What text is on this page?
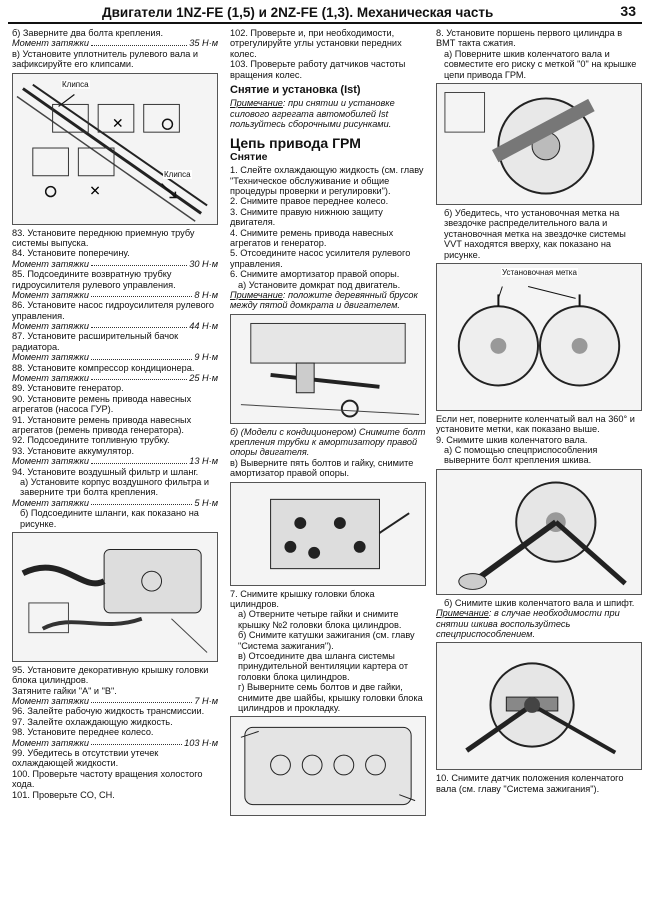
Двигатели 1NZ-FE (1,5) и 2NZ-FE (1,3). Механическая часть	33

б) Заверните два болта крепления.

Момент затяжки	35 Н·м

в) Установите уплотнитель рулевого вала и зафиксируйте его клипсами.

✕
✕
Клипса
Клипса

83. Установите переднюю приемную трубу системы выпуска.

84. Установите поперечину.

Момент затяжки	30 Н·м

85. Подсоедините возвратную трубку гидроусилителя рулевого управления.

Момент затяжки	8 Н·м

86. Установите насос гидроусилителя рулевого управления.

Момент затяжки	44 Н·м

87. Установите расширительный бачок радиатора.

Момент затяжки	9 Н·м

88. Установите компрессор кондиционера.

Момент затяжки	25 Н·м

89. Установите генератор.

90. Установите ремень привода навесных агрегатов (насоса ГУР).

91. Установите ремень привода навесных агрегатов (ремень привода генератора).

92. Подсоедините топливную трубку.

93. Установите аккумулятор.

Момент затяжки	13 Н·м

94. Установите воздушный фильтр и шланг.

а) Установите корпус воздушного фильтра и заверните три болта крепления.

Момент затяжки	5 Н·м

б) Подсоедините шланги, как показано на рисунке.

95. Установите декоративную крышку головки блока цилиндров.

Затяните гайки "А" и "В".

Момент затяжки	7 Н·м

96. Залейте рабочую жидкость трансмиссии.

97. Залейте охлаждающую жидкость.

98. Установите переднее колесо.

Момент затяжки	103 Н·м

99. Убедитесь в отсутствии утечек охлаждающей жидкости.

100. Проверьте частоту вращения холостого хода.

101. Проверьте CO, CH.

102. Проверьте и, при необходимости, отрегулируйте углы установки передних колес.

103. Проверьте работу датчиков частоты вращения колес.

Снятие и установка (Ist)

Примечание: при снятии и установке силового агрегата автомобилей Ist пользуйтесь сборочными рисунками.

Цепь привода ГРМ
Снятие

1. Слейте охлаждающую жидкость (см. главу "Техническое обслуживание и общие процедуры проверки и регулировки").

2. Снимите правое переднее колесо.

3. Снимите правую нижнюю защиту двигателя.

4. Снимите ремень привода навесных агрегатов и генератор.

5. Отсоедините насос усилителя рулевого управления.

6. Снимите амортизатор правой опоры.

а) Установите домкрат под двигатель.

Примечание: положите деревянный брусок между пятой домкрата и двигателем.

б) (Модели с кондиционером) Снимите болт крепления трубки к амортизатору правой опоры двигателя.

в) Выверните пять болтов и гайку, снимите амортизатор правой опоры.

7. Снимите крышку головки блока цилиндров.

а) Отверните четыре гайки и снимите крышку №2 головки блока цилиндров.

б) Снимите катушки зажигания (см. главу "Система зажигания").

в) Отсоедините два шланга системы принудительной вентиляции картера от головки блока цилиндров.

г) Выверните семь болтов и две гайки, снимите две шайбы, крышку головки блока цилиндров и прокладку.

8. Установите поршень первого цилиндра в ВМТ такта сжатия.

а) Поверните шкив коленчатого вала и совместите его риску с меткой "0" на крышке цепи привода ГРМ.

б) Убедитесь, что установочная метка на звездочке распределительного вала и установочная метка на звездочке системы VVT находятся вверху, как показано на рисунке.

Установочная метка

Если нет, поверните коленчатый вал на 360° и установите метки, как показано выше.

9. Снимите шкив коленчатого вала.

а) С помощью спецприспособления выверните болт крепления шкива.

б) Снимите шкив коленчатого вала и шпифт.

Примечание: в случае необходимости при снятии шкива воспользуйтесь спецприспособлением.

10. Снимите датчик положения коленчатого вала (см. главу "Система зажигания").
